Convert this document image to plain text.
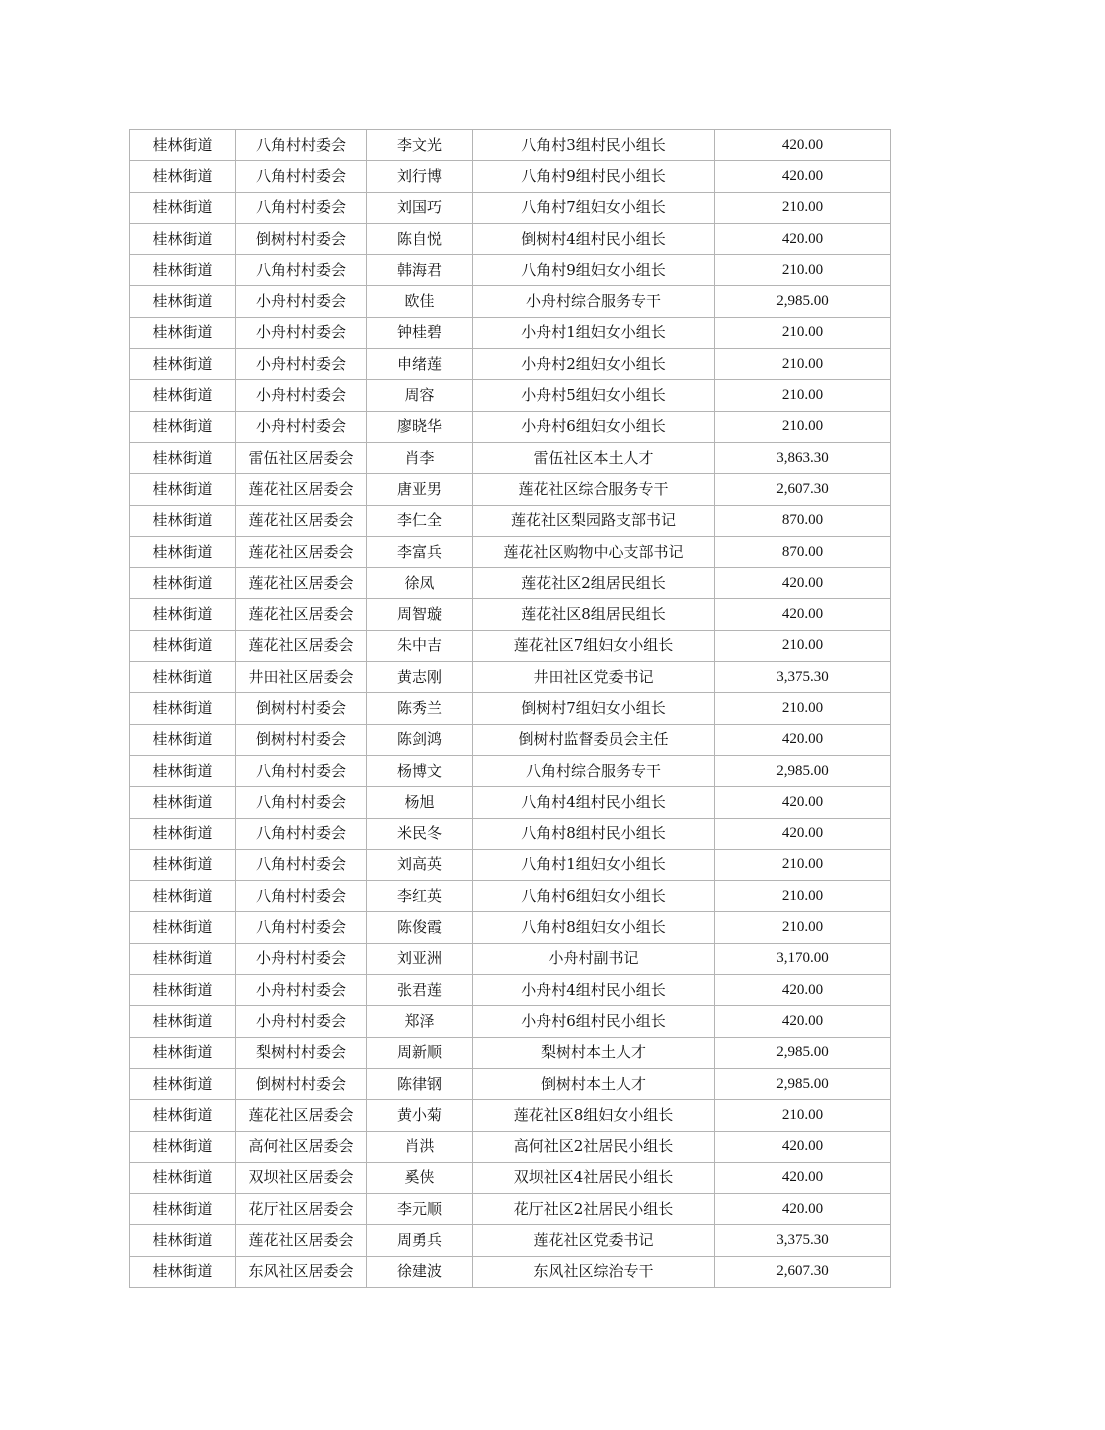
桂林街道	八角村村委会	李文光	八角村3组村民小组长	420.00
桂林街道	八角村村委会	刘行博	八角村9组村民小组长	420.00
桂林街道	八角村村委会	刘国巧	八角村7组妇女小组长	210.00
桂林街道	倒树村村委会	陈自悦	倒树村4组村民小组长	420.00
桂林街道	八角村村委会	韩海君	八角村9组妇女小组长	210.00
桂林街道	小舟村村委会	欧佳	小舟村综合服务专干	2,985.00
桂林街道	小舟村村委会	钟桂碧	小舟村1组妇女小组长	210.00
桂林街道	小舟村村委会	申绪莲	小舟村2组妇女小组长	210.00
桂林街道	小舟村村委会	周容	小舟村5组妇女小组长	210.00
桂林街道	小舟村村委会	廖晓华	小舟村6组妇女小组长	210.00
桂林街道	雷伍社区居委会	肖李	雷伍社区本土人才	3,863.30
桂林街道	莲花社区居委会	唐亚男	莲花社区综合服务专干	2,607.30
桂林街道	莲花社区居委会	李仁全	莲花社区梨园路支部书记	870.00
桂林街道	莲花社区居委会	李富兵	莲花社区购物中心支部书记	870.00
桂林街道	莲花社区居委会	徐凤	莲花社区2组居民组长	420.00
桂林街道	莲花社区居委会	周智璇	莲花社区8组居民组长	420.00
桂林街道	莲花社区居委会	朱中吉	莲花社区7组妇女小组长	210.00
桂林街道	井田社区居委会	黄志刚	井田社区党委书记	3,375.30
桂林街道	倒树村村委会	陈秀兰	倒树村7组妇女小组长	210.00
桂林街道	倒树村村委会	陈剑鸿	倒树村监督委员会主任	420.00
桂林街道	八角村村委会	杨博文	八角村综合服务专干	2,985.00
桂林街道	八角村村委会	杨旭	八角村4组村民小组长	420.00
桂林街道	八角村村委会	米民冬	八角村8组村民小组长	420.00
桂林街道	八角村村委会	刘高英	八角村1组妇女小组长	210.00
桂林街道	八角村村委会	李红英	八角村6组妇女小组长	210.00
桂林街道	八角村村委会	陈俊霞	八角村8组妇女小组长	210.00
桂林街道	小舟村村委会	刘亚洲	小舟村副书记	3,170.00
桂林街道	小舟村村委会	张君莲	小舟村4组村民小组长	420.00
桂林街道	小舟村村委会	郑泽	小舟村6组村民小组长	420.00
桂林街道	梨树村村委会	周新顺	梨树村本土人才	2,985.00
桂林街道	倒树村村委会	陈律钢	倒树村本土人才	2,985.00
桂林街道	莲花社区居委会	黄小菊	莲花社区8组妇女小组长	210.00
桂林街道	高何社区居委会	肖洪	高何社区2社居民小组长	420.00
桂林街道	双坝社区居委会	奚侠	双坝社区4社居民小组长	420.00
桂林街道	花厅社区居委会	李元顺	花厅社区2社居民小组长	420.00
桂林街道	莲花社区居委会	周勇兵	莲花社区党委书记	3,375.30
桂林街道	东风社区居委会	徐建波	东风社区综治专干	2,607.30
